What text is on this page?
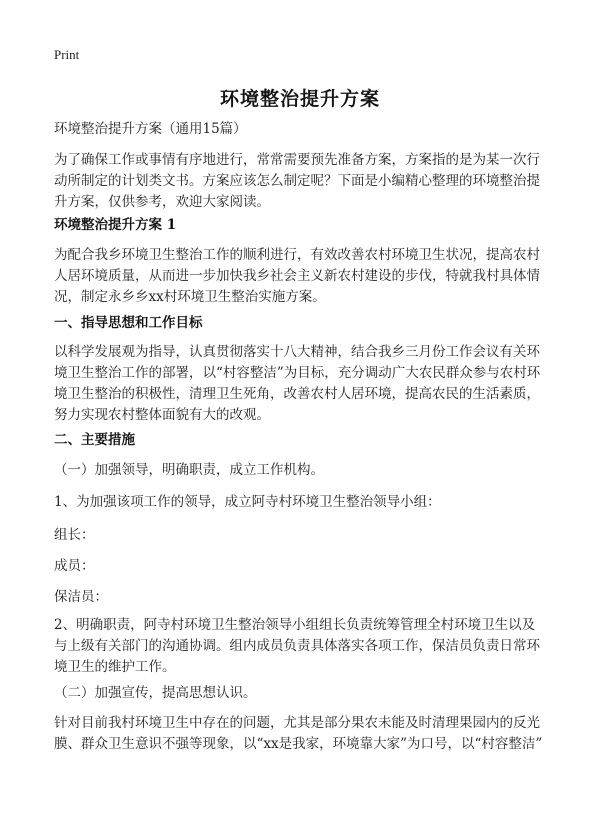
Print
环境整治提升方案
环境整治提升方案（通用15篇）
为了确保工作或事情有序地进行，常常需要预先准备方案，方案指的是为某一次行
动所制定的计划类文书。方案应该怎么制定呢？下面是小编精心整理的环境整治提
升方案，仅供参考，欢迎大家阅读。
环境整治提升方案 1
为配合我乡环境卫生整治工作的顺利进行，有效改善农村环境卫生状况，提高农村
人居环境质量，从而进一步加快我乡社会主义新农村建设的步伐，特就我村具体情
况，制定永乡乡xx村环境卫生整治实施方案。
一、指导思想和工作目标
以科学发展观为指导，认真贯彻落实十八大精神，结合我乡三月份工作会议有关环
境卫生整治工作的部署，以“村容整洁”为目标，充分调动广大农民群众参与农村环
境卫生整治的积极性，清理卫生死角，改善农村人居环境，提高农民的生活素质，
努力实现农村整体面貌有大的改观。
二、主要措施
（一）加强领导，明确职责，成立工作机构。
1、为加强该项工作的领导，成立阿寺村环境卫生整治领导小组：
组长：
成员：
保洁员：
2、明确职责，阿寺村环境卫生整治领导小组组长负责统筹管理全村环境卫生以及
与上级有关部门的沟通协调。组内成员负责具体落实各项工作，保洁员负责日常环
境卫生的维护工作。
（二）加强宣传，提高思想认识。
针对目前我村环境卫生中存在的问题，尤其是部分果农未能及时清理果园内的反光
膜、群众卫生意识不强等现象，以“xx是我家，环境靠大家”为口号，以“村容整洁”
